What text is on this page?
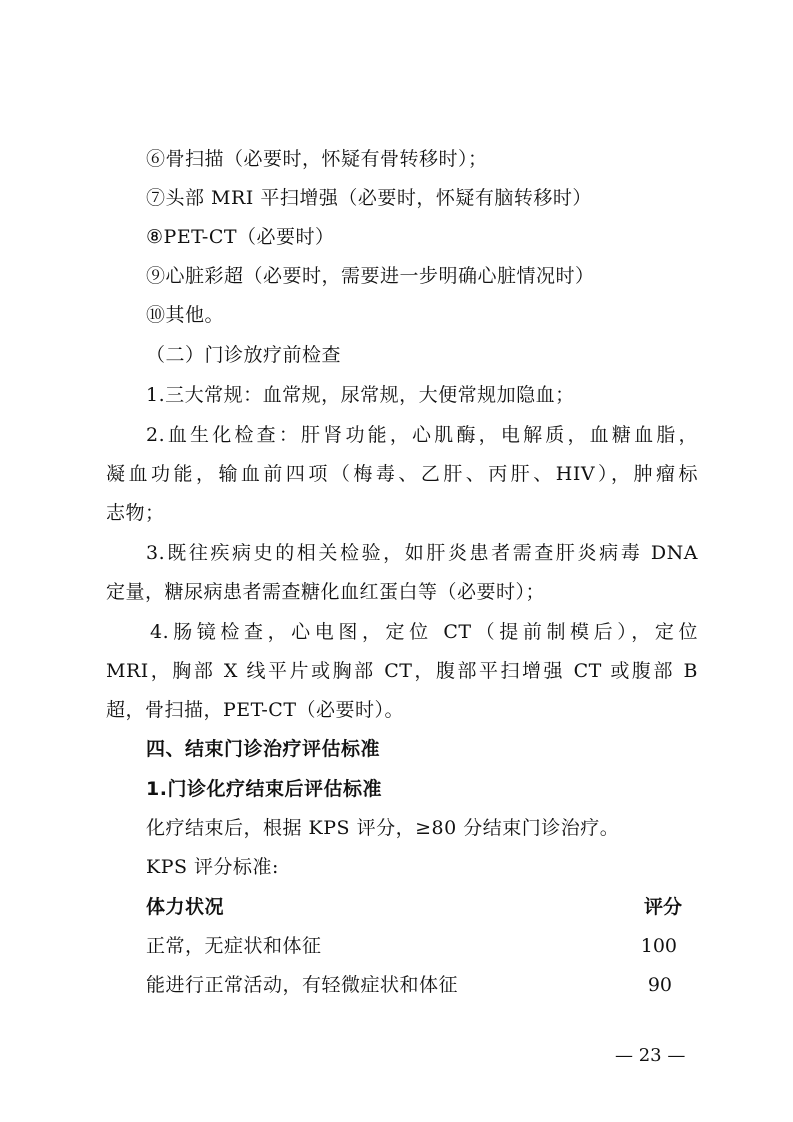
⑥骨扫描（必要时，怀疑有骨转移时）；
⑦头部 MRI 平扫增强（必要时，怀疑有脑转移时）
⑧PET-CT（必要时）
⑨心脏彩超（必要时，需要进一步明确心脏情况时）
⑩其他。
（二）门诊放疗前检查
1.三大常规：血常规，尿常规，大便常规加隐血；
2.血生化检查：肝肾功能，心肌酶，电解质，血糖血脂，
凝血功能，输血前四项（梅毒、乙肝、丙肝、HIV），肿瘤标
志物；
3.既往疾病史的相关检验，如肝炎患者需查肝炎病毒 DNA
定量，糖尿病患者需查糖化血红蛋白等（必要时）；
4.肠镜检查，心电图，定位 CT（提前制模后），定位
MRI，胸部 X 线平片或胸部 CT，腹部平扫增强 CT 或腹部 B
超，骨扫描，PET-CT（必要时）。
四、结束门诊治疗评估标准
1.门诊化疗结束后评估标准
化疗结束后，根据 KPS 评分，≥80 分结束门诊治疗。
KPS 评分标准:
体力状况	评分
正常，无症状和体征	100
能进行正常活动，有轻微症状和体征	90
— 23 —
